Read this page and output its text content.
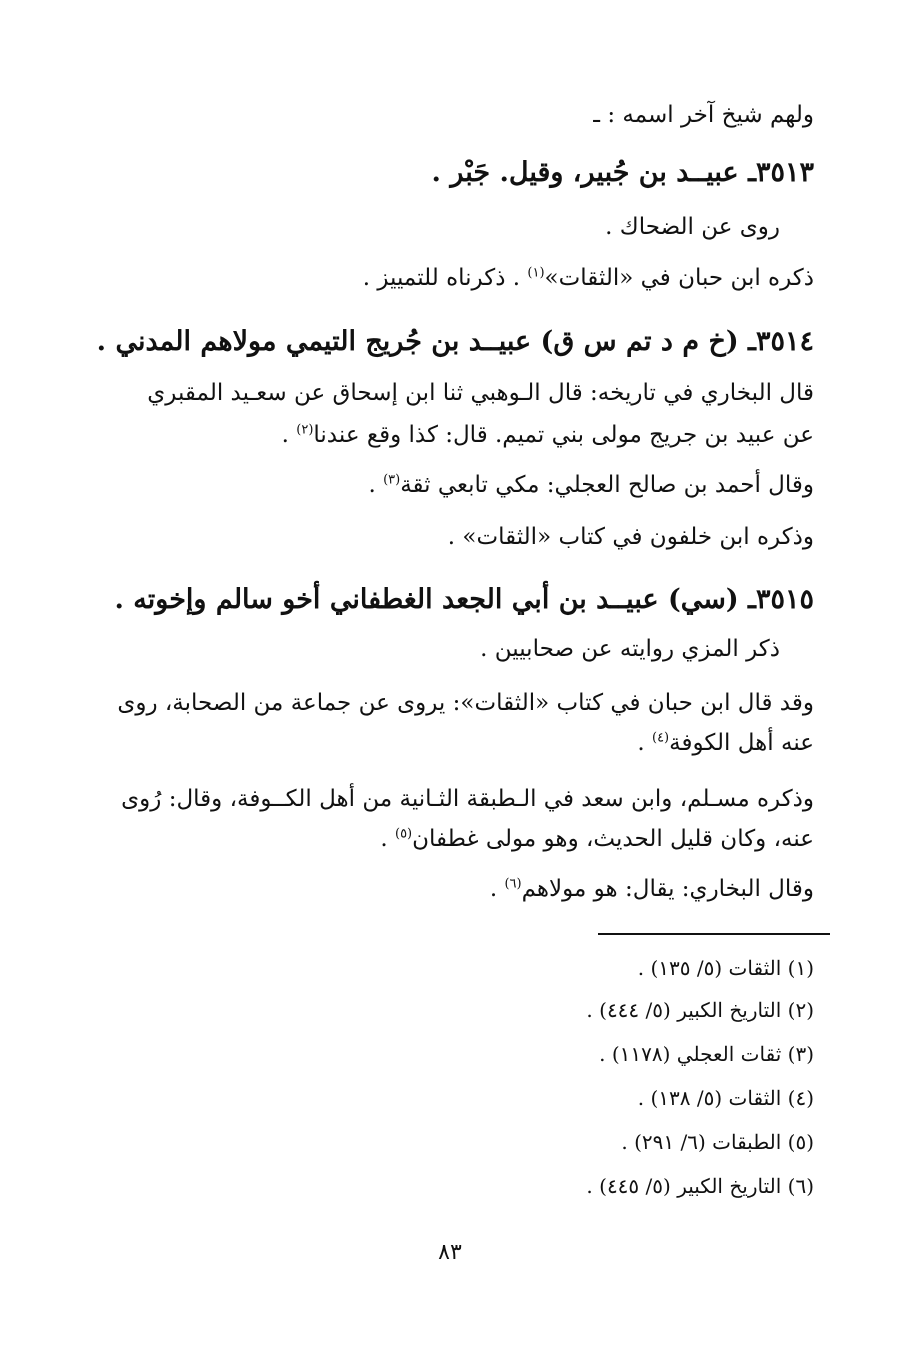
ولهم شيخ آخر اسمه : ـ
٣٥١٣ـ عبيــد بن جُبير، وقيل. جَبْر .
روى عن الضحاك .
ذكره ابن حبان في «الثقات»$^{(١)}$ . ذكرناه للتمييز .
٣٥١٤ـ (خ م د تم س ق) عبيــد بن جُريج التيمي مولاهم المدني .
قال البخاري في تاريخه: قال الـوهبي ثنا ابن إسحاق عن سعـيد المقبري
عن عبيد بن جريج مولى بني تميم. قال: كذا وقع عندنا$^{(٢)}$ .
وقال أحمد بن صالح العجلي: مكي تابعي ثقة$^{(٣)}$ .
وذكره ابن خلفون في كتاب «الثقات» .
٣٥١٥ـ (سي) عبيــد بن أبي الجعد الغطفاني أخو سالم وإخوته .
ذكر المزي روايته عن صحابيين .
وقد قال ابن حبان في كتاب «الثقات»: يروى عن جماعة من الصحابة، روى
عنه أهل الكوفة$^{(٤)}$ .
وذكره مسـلم، وابن سعد في الـطبقة الثـانية من أهل الكــوفة، وقال: رُوى
عنه، وكان قليل الحديث، وهو مولى غطفان$^{(٥)}$ .
وقال البخاري: يقال: هو مولاهم$^{(٦)}$ .
(١) الثقات (٥/ ١٣٥) .
(٢) التاريخ الكبير (٥/ ٤٤٤) .
(٣) ثقات العجلي (١١٧٨) .
(٤) الثقات (٥/ ١٣٨) .
(٥) الطبقات (٦/ ٢٩١) .
(٦) التاريخ الكبير (٥/ ٤٤٥) .
٨٣
